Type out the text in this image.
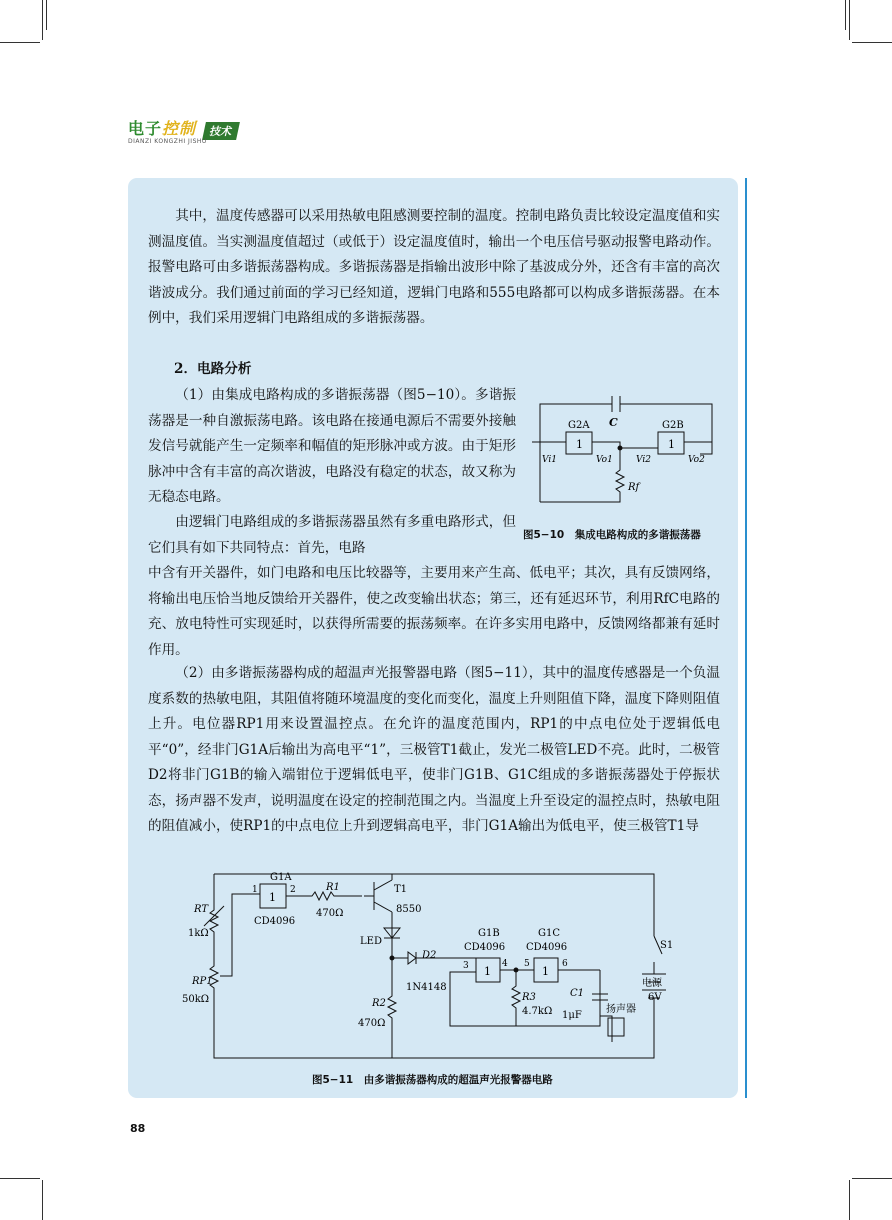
电子控制	技术
DIANZI KONGZHI JISHU
其中，温度传感器可以采用热敏电阻感测要控制的温度。控制电路负责比较设定温度值和实测温度值。当实测温度值超过（或低于）设定温度值时，输出一个电压信号驱动报警电路动作。报警电路可由多谐振荡器构成。多谐振荡器是指输出波形中除了基波成分外，还含有丰富的高次谐波成分。我们通过前面的学习已经知道，逻辑门电路和555电路都可以构成多谐振荡器。在本例中，我们采用逻辑门电路组成的多谐振荡器。
2．电路分析
（1）由集成电路构成的多谐振荡器（图5−10）。多谐振荡器是一种自激振荡电路。该电路在接通电源后不需要外接触发信号就能产生一定频率和幅值的矩形脉冲或方波。由于矩形脉冲中含有丰富的高次谐波，电路没有稳定的状态，故又称为无稳态电路。
由逻辑门电路组成的多谐振荡器虽然有多重电路形式，但它们具有如下共同特点：首先，电路
中含有开关器件，如门电路和电压比较器等，主要用来产生高、低电平；其次，具有反馈网络，将输出电压恰当地反馈给开关器件，使之改变输出状态；第三，还有延迟环节，利用RfC电路的充、放电特性可实现延时，以获得所需要的振荡频率。在许多实用电路中，反馈网络都兼有延时作用。
（2）由多谐振荡器构成的超温声光报警器电路（图5−11），其中的温度传感器是一个负温度系数的热敏电阻，其阻值将随环境温度的变化而变化，温度上升则阻值下降，温度下降则阻值上升。电位器RP1用来设置温控点。在允许的温度范围内，RP1的中点电位处于逻辑低电平“0”，经非门G1A后输出为高电平“1”，三极管T1截止，发光二极管LED不亮。此时，二极管D2将非门G1B的输入端钳位于逻辑低电平，使非门G1B、G1C组成的多谐振荡器处于停振状态，扬声器不发声，说明温度在设定的控制范围之内。当温度上升至设定的温控点时，热敏电阻的阻值减小，使RP1的中点电位上升到逻辑高电平，非门G1A输出为低电平，使三极管T1导
C
G2A	G2B
1	1
Vi1	Vo1	Vi2	Vo2
Rf
图5−10　集成电路构成的多谐振荡器
G1A
1	2
1
CD4096
R1
470Ω
T1
8550
RT
1kΩ
RP1
50kΩ
LED
D2
1N4148
R2
470Ω
G1B
CD4096
G1C
CD4096
3	4 5	6
1	1
R3
4.7kΩ
C1
1μF
S1
电源
6V
扬声器
图5−11　由多谐振荡器构成的超温声光报警器电路
88
